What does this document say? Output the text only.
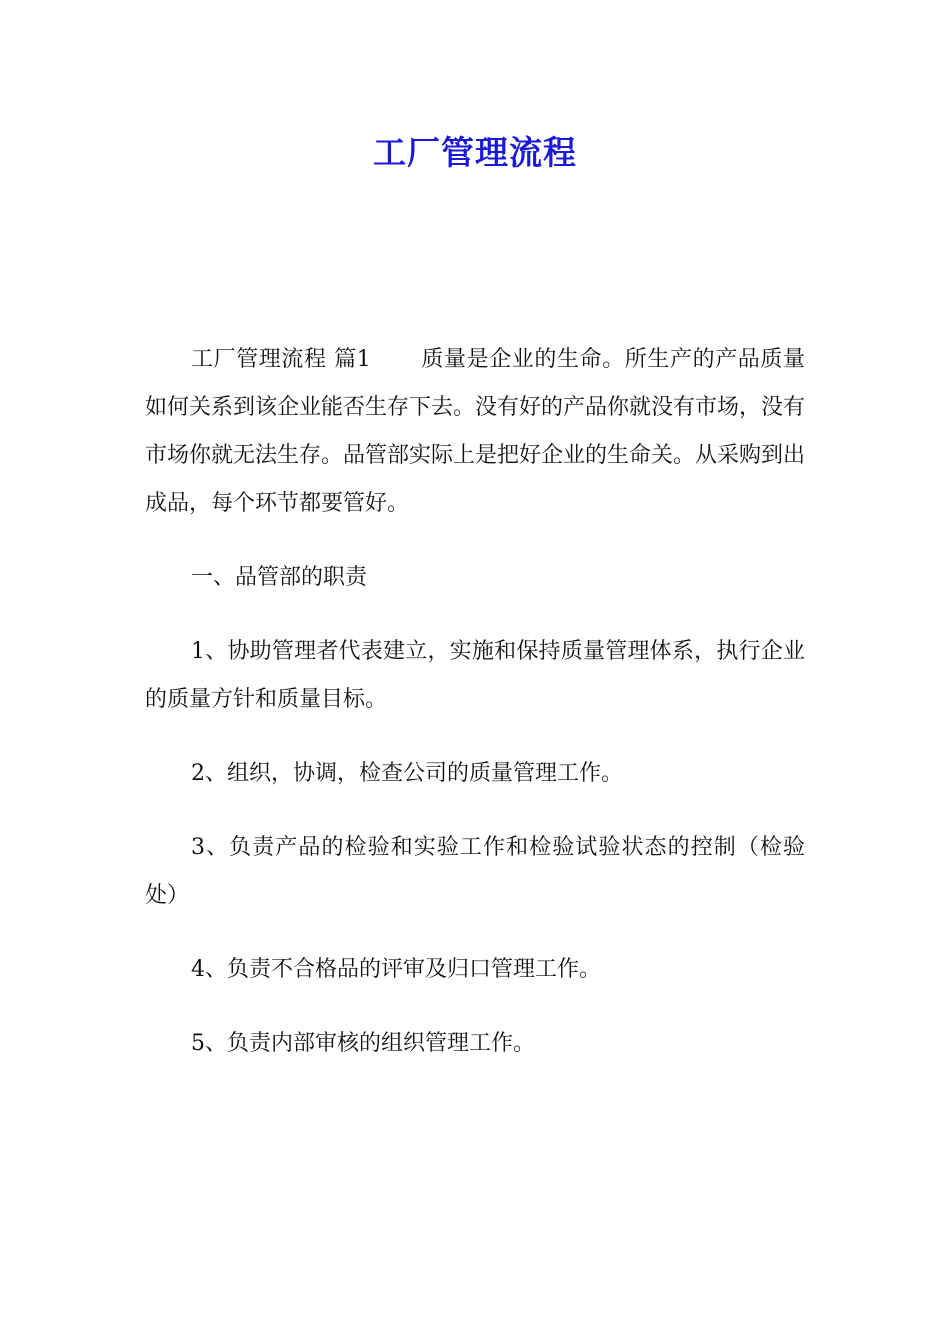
工厂管理流程

工厂管理流程 篇1 质量是企业的生命。所生产的产品质量如何关系到该企业能否生存下去。没有好的产品你就没有市场，没有市场你就无法生存。品管部实际上是把好企业的生命关。从采购到出成品，每个环节都要管好。

一、品管部的职责

1、协助管理者代表建立，实施和保持质量管理体系，执行企业的质量方针和质量目标。

2、组织，协调，检查公司的质量管理工作。

3、负责产品的检验和实验工作和检验试验状态的控制（检验处）

4、负责不合格品的评审及归口管理工作。

5、负责内部审核的组织管理工作。
